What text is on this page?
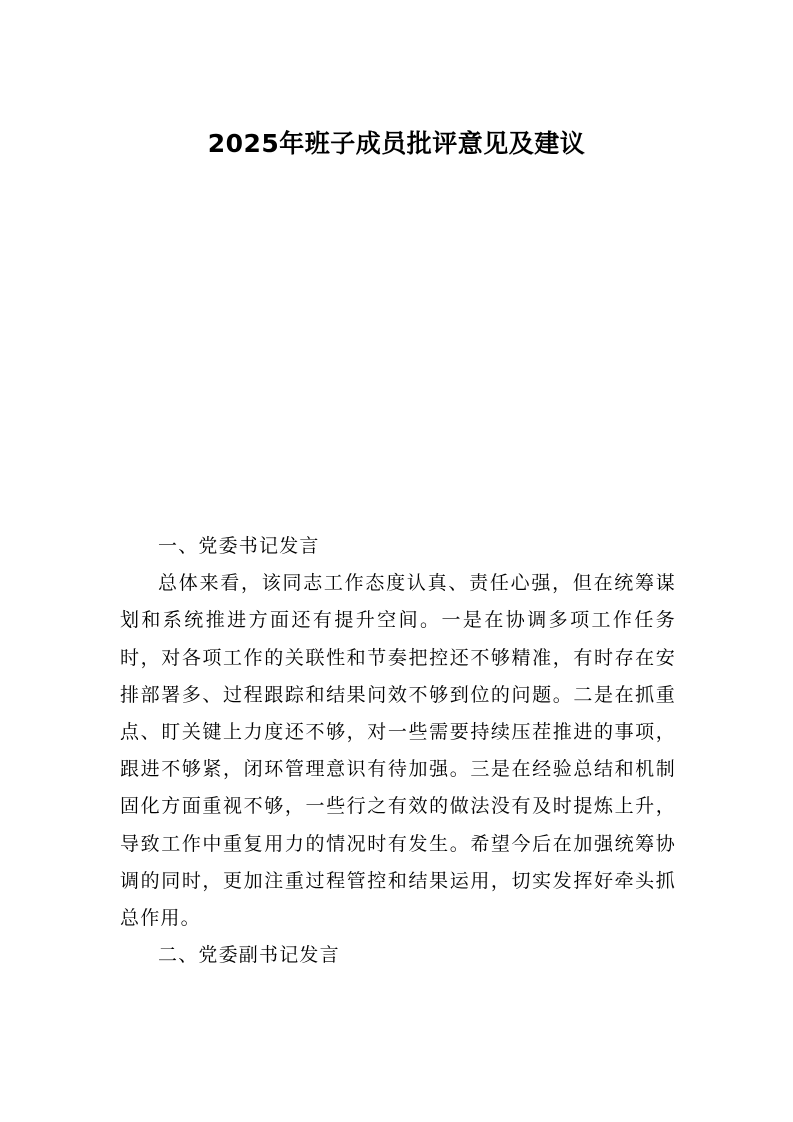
2025年班子成员批评意见及建议

一、党委书记发言

总体来看，该同志工作态度认真、责任心强，但在统筹谋划和系统推进方面还有提升空间。一是在协调多项工作任务时，对各项工作的关联性和节奏把控还不够精准，有时存在安排部署多、过程跟踪和结果问效不够到位的问题。二是在抓重点、盯关键上力度还不够，对一些需要持续压茬推进的事项，跟进不够紧，闭环管理意识有待加强。三是在经验总结和机制固化方面重视不够，一些行之有效的做法没有及时提炼上升，导致工作中重复用力的情况时有发生。希望今后在加强统筹协调的同时，更加注重过程管控和结果运用，切实发挥好牵头抓总作用。

二、党委副书记发言
